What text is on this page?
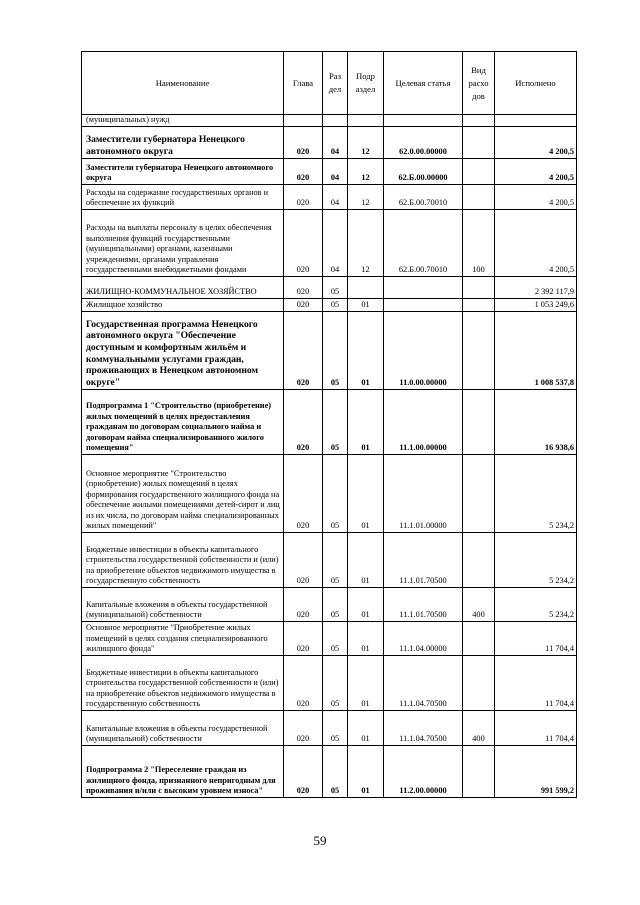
Наименование	Глава	Раз дел	Подр аздел	Целевая статья	Вид расхо дов	Исполнено
(муниципальных) нужд						
Заместители губернатора Ненецкого автономного округа	020	04	12	62.0.00.00000		4 200,5
Заместители губернатора Ненецкого автономного округа	020	04	12	62.Б.00.00000		4 200,5
Расходы на содержание государственных органов и обеспечение их функций	020	04	12	62.Б.00.70010		4 200,5
Расходы на выплаты персоналу в целях обеспечения выполнения функций государственными (муниципальными) органами, казенными учреждениями, органами управления государственными внебюджетными фондами	020	04	12	62.Б.00.70010	100	4 200,5
ЖИЛИЩНО-КОММУНАЛЬНОЕ ХОЗЯЙСТВО	020	05				2 392 117,9
Жилищное хозяйство	020	05	01			1 053 249,6
Государственная программа Ненецкого автономного округа "Обеспечение доступным и комфортным жильём и коммунальными услугами граждан, проживающих в Ненецком автономном округе"	020	05	01	11.0.00.00000		1 008 537,8
Подпрограмма 1 "Строительство (приобретение) жилых помещений в целях предоставления гражданам по договорам социального найма и договорам найма специализированного жилого помещения"	020	05	01	11.1.00.00000		16 938,6
Основное мероприятие "Строительство (приобретение) жилых помещений в целях формирования государственного жилищного фонда на обеспечение жилыми помещениями детей-сирот и лиц из их числа, по договорам найма специализированных жилых помещений"	020	05	01	11.1.01.00000		5 234,2
Бюджетные инвестиции в объекты капитального строительства государственной собственности и (или) на приобретение объектов недвижимого имущества в государственную собственность	020	05	01	11.1.01.70500		5 234,2
Капитальные вложения в объекты государственной (муниципальной) собственности	020	05	01	11.1.01.70500	400	5 234,2
Основное мероприятие "Приобретение жилых помещений в целях создания специализированного жилищного фонда"	020	05	01	11.1.04.00000		11 704,4
Бюджетные инвестиции в объекты капитального строительства государственной собственности и (или) на приобретение объектов недвижимого имущества в государственную собственность	020	05	01	11.1.04.70500		11 704,4
Капитальные вложения в объекты государственной (муниципальной) собственности	020	05	01	11.1.04.70500	400	11 704,4
Подпрограмма 2 "Переселение граждан из жилищного фонда, признанного непригодным для проживания и/или с высоким уровнем износа"	020	05	01	11.2.00.00000		991 599,2
59
